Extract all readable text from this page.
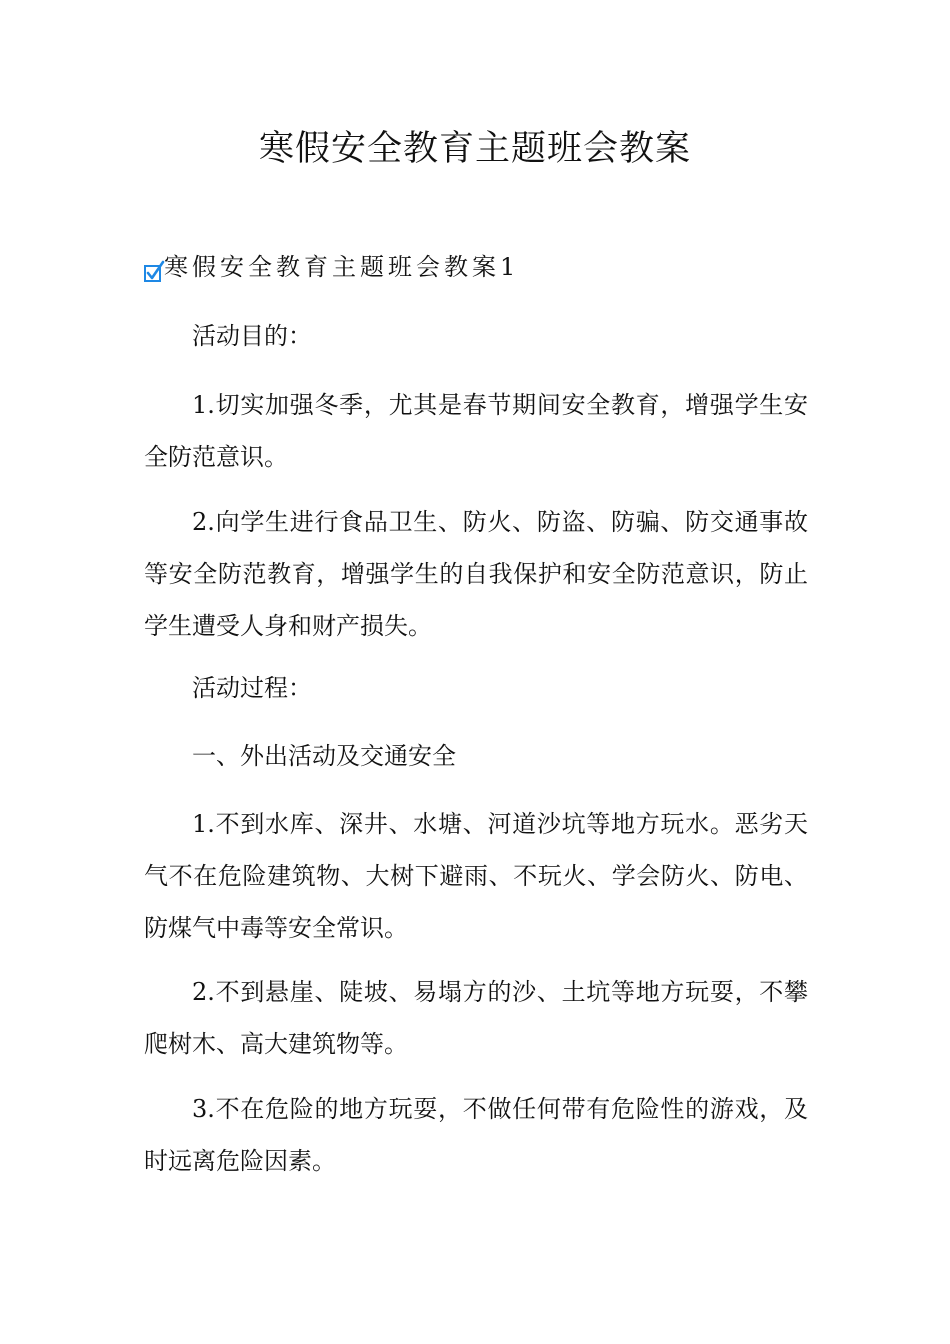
寒假安全教育主题班会教案
寒假安全教育主题班会教案1

活动目的：

1.切实加强冬季，尤其是春节期间安全教育，增强学生安全防范意识。

2.向学生进行食品卫生、防火、防盗、防骗、防交通事故等安全防范教育，增强学生的自我保护和安全防范意识，防止学生遭受人身和财产损失。

活动过程：

一、外出活动及交通安全

1.不到水库、深井、水塘、河道沙坑等地方玩水。恶劣天气不在危险建筑物、大树下避雨、不玩火、学会防火、防电、防煤气中毒等安全常识。

2.不到悬崖、陡坡、易塌方的沙、土坑等地方玩耍，不攀爬树木、高大建筑物等。

3.不在危险的地方玩耍，不做任何带有危险性的游戏，及时远离危险因素。
